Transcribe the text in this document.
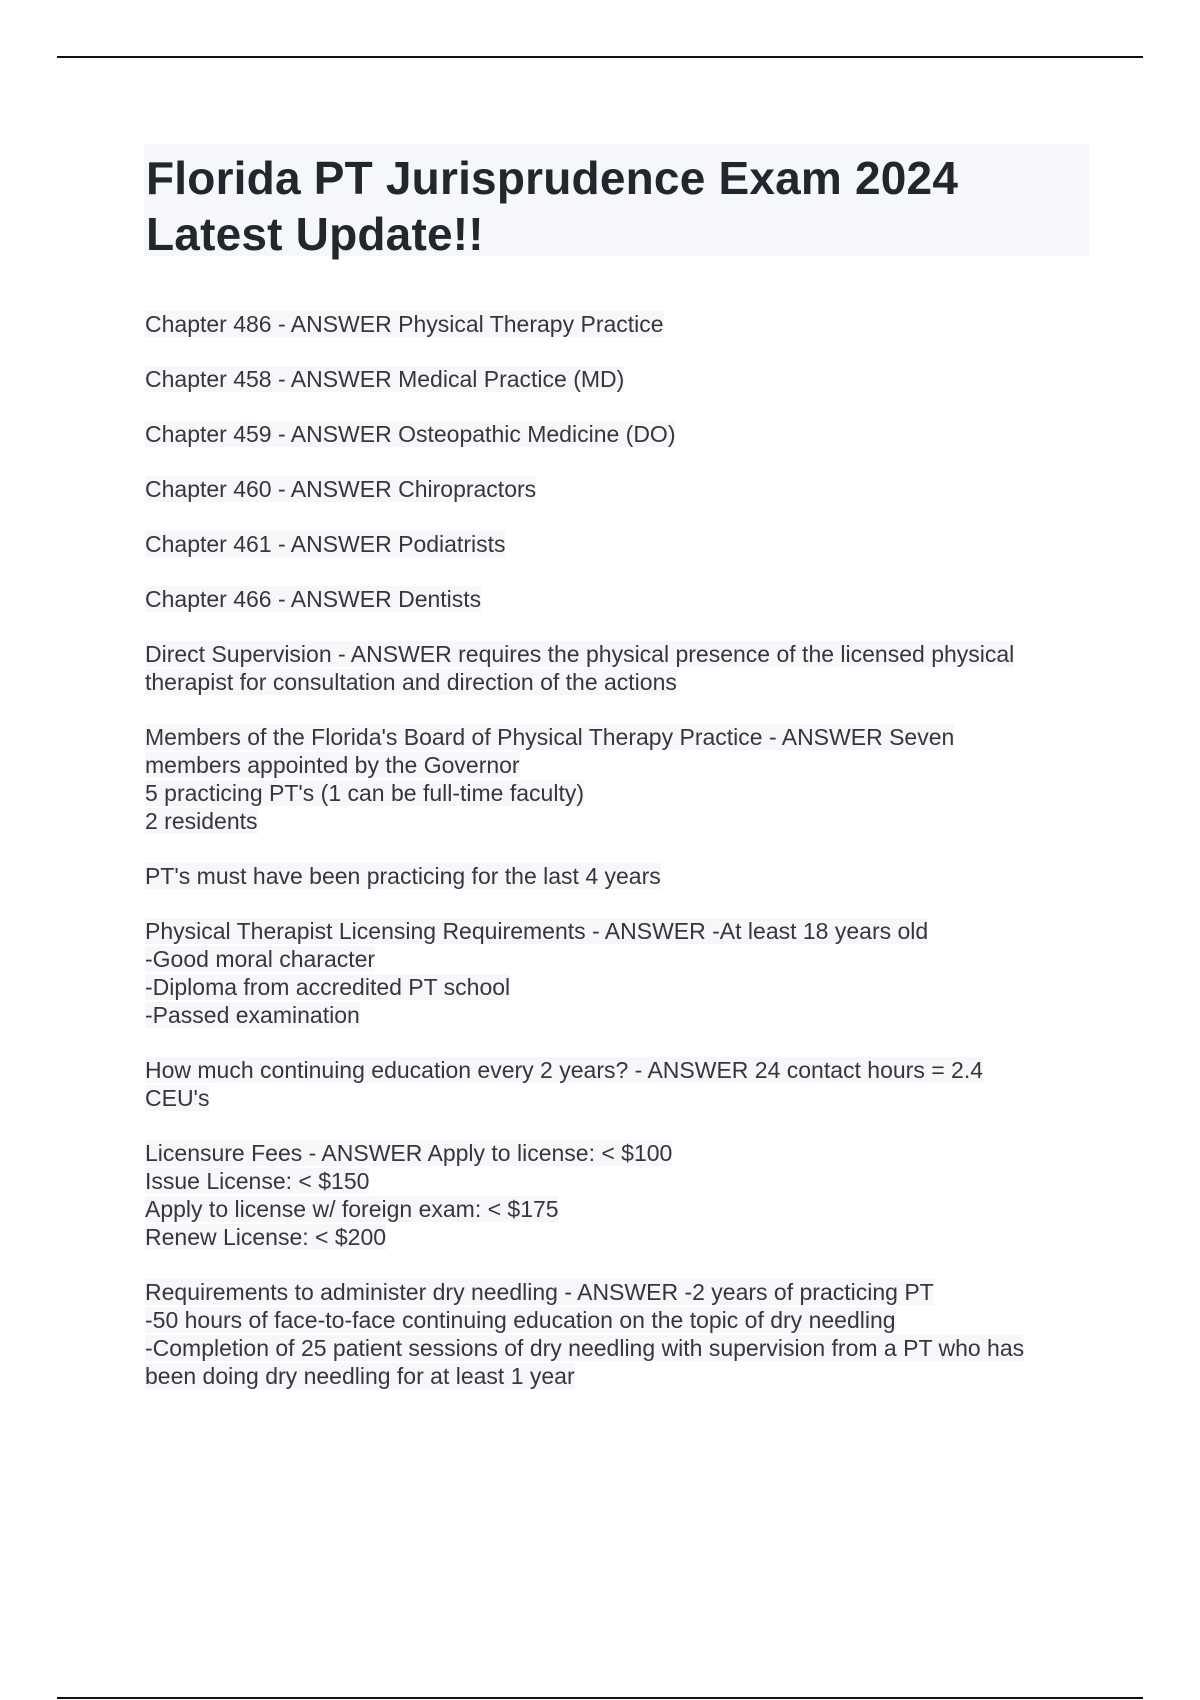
Florida PT Jurisprudence Exam 2024
Latest Update!!
Chapter 486 - ANSWER Physical Therapy Practice
Chapter 458 - ANSWER Medical Practice (MD)
Chapter 459 - ANSWER Osteopathic Medicine (DO)
Chapter 460 - ANSWER Chiropractors
Chapter 461 - ANSWER Podiatrists
Chapter 466 - ANSWER Dentists
Direct Supervision - ANSWER requires the physical presence of the licensed physical
therapist for consultation and direction of the actions
Members of the Florida's Board of Physical Therapy Practice - ANSWER Seven
members appointed by the Governor
5 practicing PT's (1 can be full-time faculty)
2 residents
PT's must have been practicing for the last 4 years
Physical Therapist Licensing Requirements - ANSWER -At least 18 years old
-Good moral character
-Diploma from accredited PT school
-Passed examination
How much continuing education every 2 years? - ANSWER 24 contact hours = 2.4
CEU's
Licensure Fees - ANSWER Apply to license: < $100
Issue License: < $150
Apply to license w/ foreign exam: < $175
Renew License: < $200
Requirements to administer dry needling - ANSWER -2 years of practicing PT
-50 hours of face-to-face continuing education on the topic of dry needling
-Completion of 25 patient sessions of dry needling with supervision from a PT who has
been doing dry needling for at least 1 year
